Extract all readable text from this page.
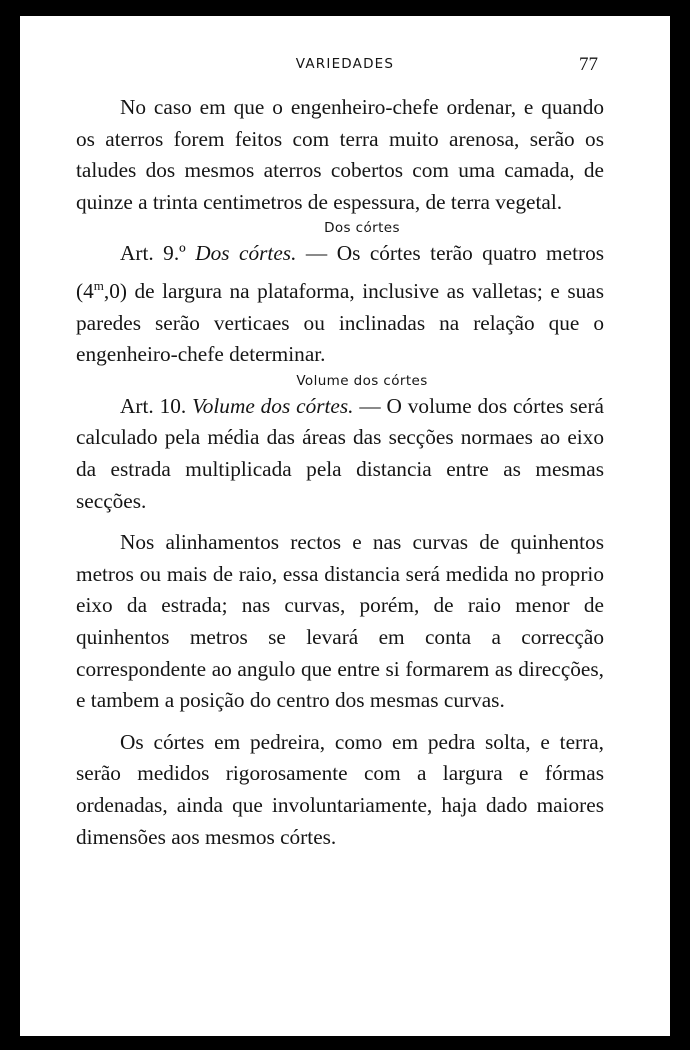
VARIEDADES	77

No caso em que o engenheiro-chefe ordenar, e quando os aterros forem feitos com terra muito arenosa, serão os taludes dos mesmos aterros cobertos com uma camada, de quinze a trinta centimetros de espessura, de terra vegetal.

Dos córtes

Art. 9.º Dos córtes. — Os córtes terão quatro metros (4$^m$,0) de largura na plataforma, inclusive as valletas; e suas paredes serão verticaes ou inclinadas na relação que o engenheiro-chefe determinar.

Volume dos córtes

Art. 10. Volume dos córtes. — O volume dos córtes será calculado pela média das áreas das secções normaes ao eixo da estrada multiplicada pela distancia entre as mesmas secções.

Nos alinhamentos rectos e nas curvas de quinhentos metros ou mais de raio, essa distancia será medida no proprio eixo da estrada; nas curvas, porém, de raio menor de quinhentos metros se levará em conta a correcção correspondente ao angulo que entre si formarem as direcções, e tambem a posição do centro dos mesmas curvas.

Os córtes em pedreira, como em pedra solta, e terra, serão medidos rigorosamente com a largura e fórmas ordenadas, ainda que involuntariamente, haja dado maiores dimensões aos mesmos córtes.
